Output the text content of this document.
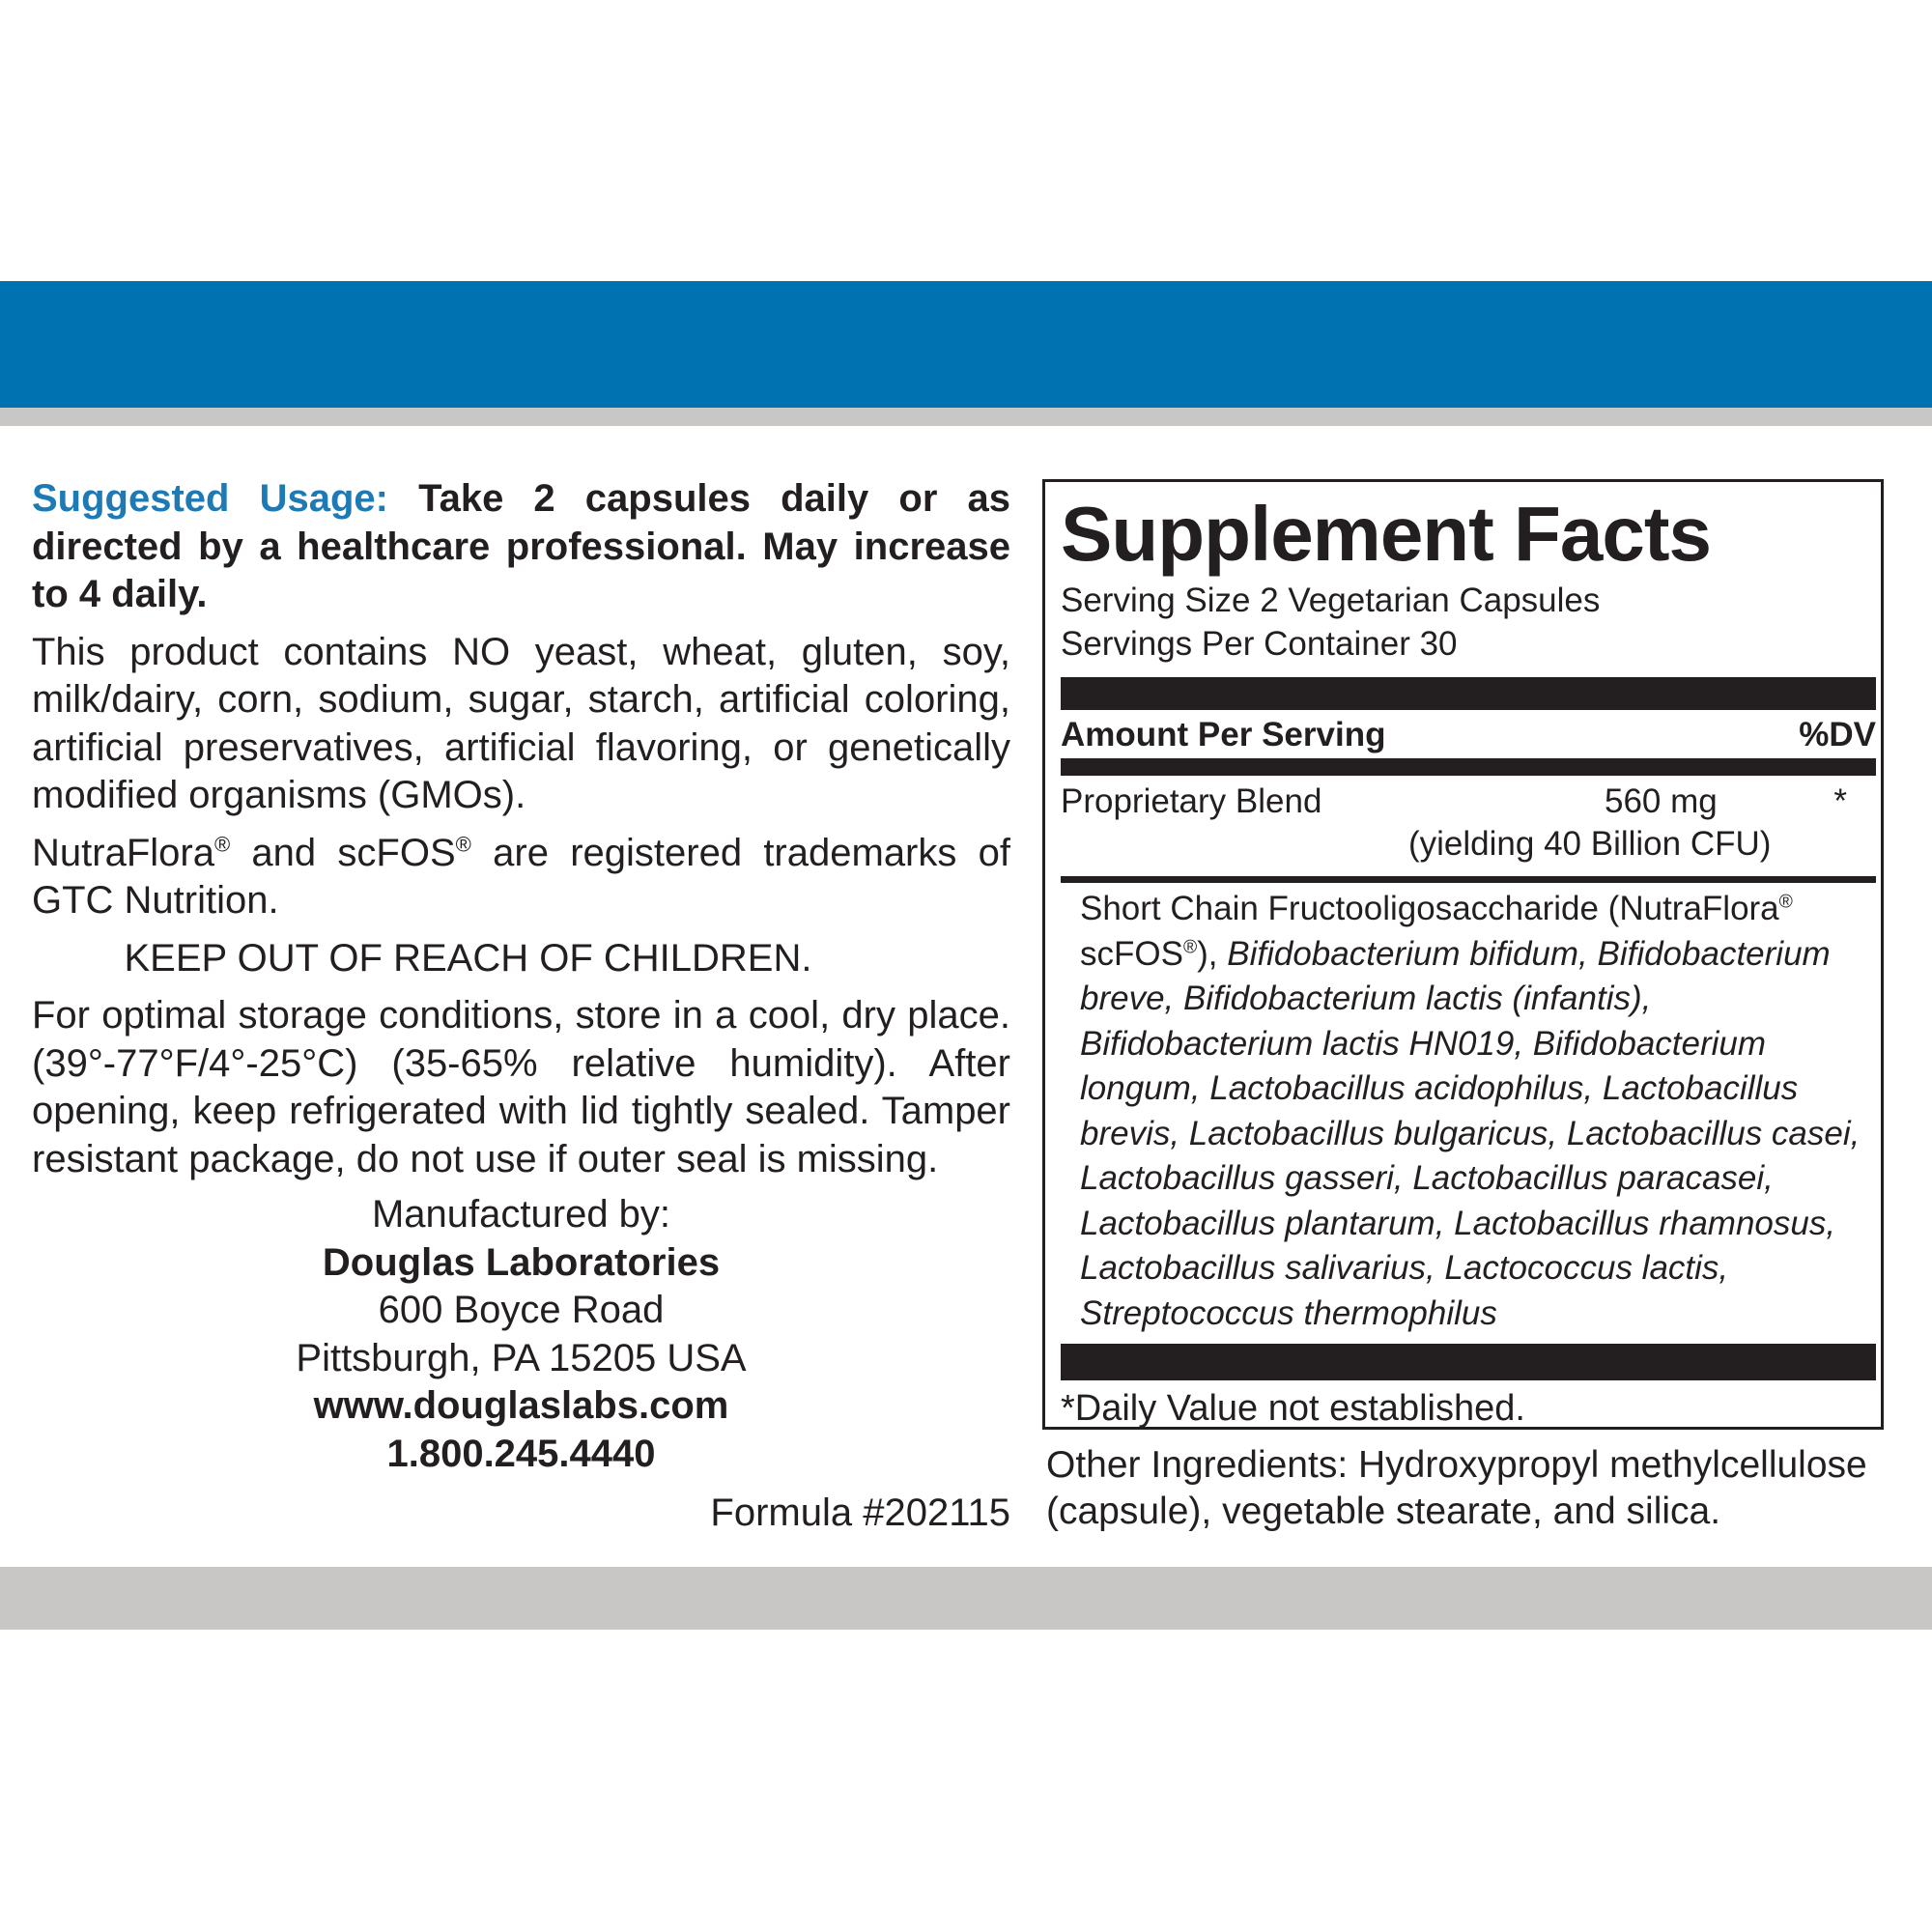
Suggested Usage: Take 2 capsules daily or as directed by a healthcare professional. May increase to 4 daily.

This product contains NO yeast, wheat, gluten, soy, milk/dairy, corn, sodium, sugar, starch, artificial coloring, artificial preservatives, artificial flavoring, or genetically modified organisms (GMOs).

NutraFlora® and scFOS® are registered trademarks of GTC Nutrition.

KEEP OUT OF REACH OF CHILDREN.

For optimal storage conditions, store in a cool, dry place. (39°-77°F/4°-25°C) (35-65% relative humidity). After opening, keep refrigerated with lid tightly sealed. Tamper resistant package, do not use if outer seal is missing.

Manufactured by:
Douglas Laboratories
600 Boyce Road
Pittsburgh, PA 15205 USA
www.douglaslabs.com
1.800.245.4440
Formula #202115
Supplement Facts
Serving Size 2 Vegetarian Capsules
Servings Per Container 30
Amount Per Serving	%DV
Proprietary Blend	560 mg	*
(yielding 40 Billion CFU)
Short Chain Fructooligosaccharide (NutraFlora®
scFOS®), Bifidobacterium bifidum, Bifidobacterium breve, Bifidobacterium lactis (infantis), Bifidobacterium lactis HN019, Bifidobacterium longum, Lactobacillus acidophilus, Lactobacillus brevis, Lactobacillus bulgaricus, Lactobacillus casei, Lactobacillus gasseri, Lactobacillus paracasei, Lactobacillus plantarum, Lactobacillus rhamnosus, Lactobacillus salivarius, Lactococcus lactis, Streptococcus thermophilus
*Daily Value not established.
Other Ingredients: Hydroxypropyl methylcellulose (capsule), vegetable stearate, and silica.
